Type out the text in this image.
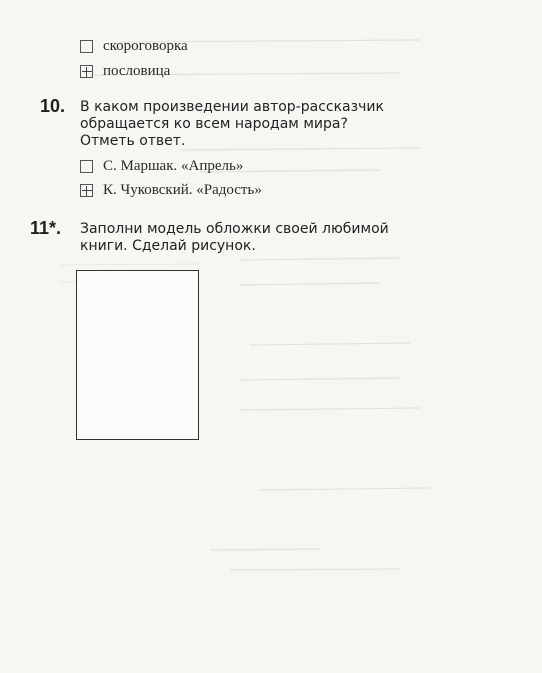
скороговорка
пословица
10. В каком произведении автор-рассказчик
обращается ко всем народам мира?
Отметь ответ.
С. Маршак. «Апрель»
К. Чуковский. «Радость»
11*. Заполни модель обложки своей любимой
книги. Сделай рисунок.
